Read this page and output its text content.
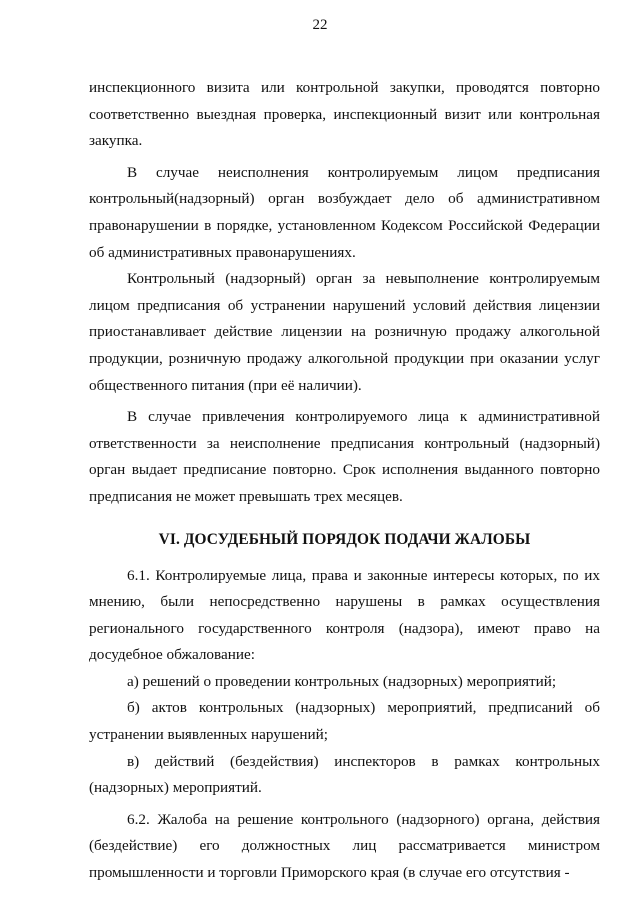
22

инспекционного визита или контрольной закупки, проводятся повторно соответственно выездная проверка, инспекционный визит или контрольная закупка.

В случае неисполнения контролируемым лицом предписания контрольный(надзорный) орган возбуждает дело об административном правонарушении в порядке, установленном Кодексом Российской Федерации об административных правонарушениях.

Контрольный (надзорный) орган за невыполнение контролируемым лицом предписания об устранении нарушений условий действия лицензии приостанавливает действие лицензии на розничную продажу алкогольной продукции, розничную продажу алкогольной продукции при оказании услуг общественного питания (при её наличии).

В случае привлечения контролируемого лица к административной ответственности за неисполнение предписания контрольный (надзорный) орган выдает предписание повторно. Срок исполнения выданного повторно предписания не может превышать трех месяцев.

VI. ДОСУДЕБНЫЙ ПОРЯДОК ПОДАЧИ ЖАЛОБЫ

6.1. Контролируемые лица, права и законные интересы которых, по их мнению, были непосредственно нарушены в рамках осуществления регионального государственного контроля (надзора), имеют право на досудебное обжалование:

а) решений о проведении контрольных (надзорных) мероприятий;

б) актов контрольных (надзорных) мероприятий, предписаний об устранении выявленных нарушений;

в) действий (бездействия) инспекторов в рамках контрольных (надзорных) мероприятий.

6.2. Жалоба на решение контрольного (надзорного) органа, действия (бездействие) его должностных лиц рассматривается министром промышленности и торговли Приморского края (в случае его отсутствия -
